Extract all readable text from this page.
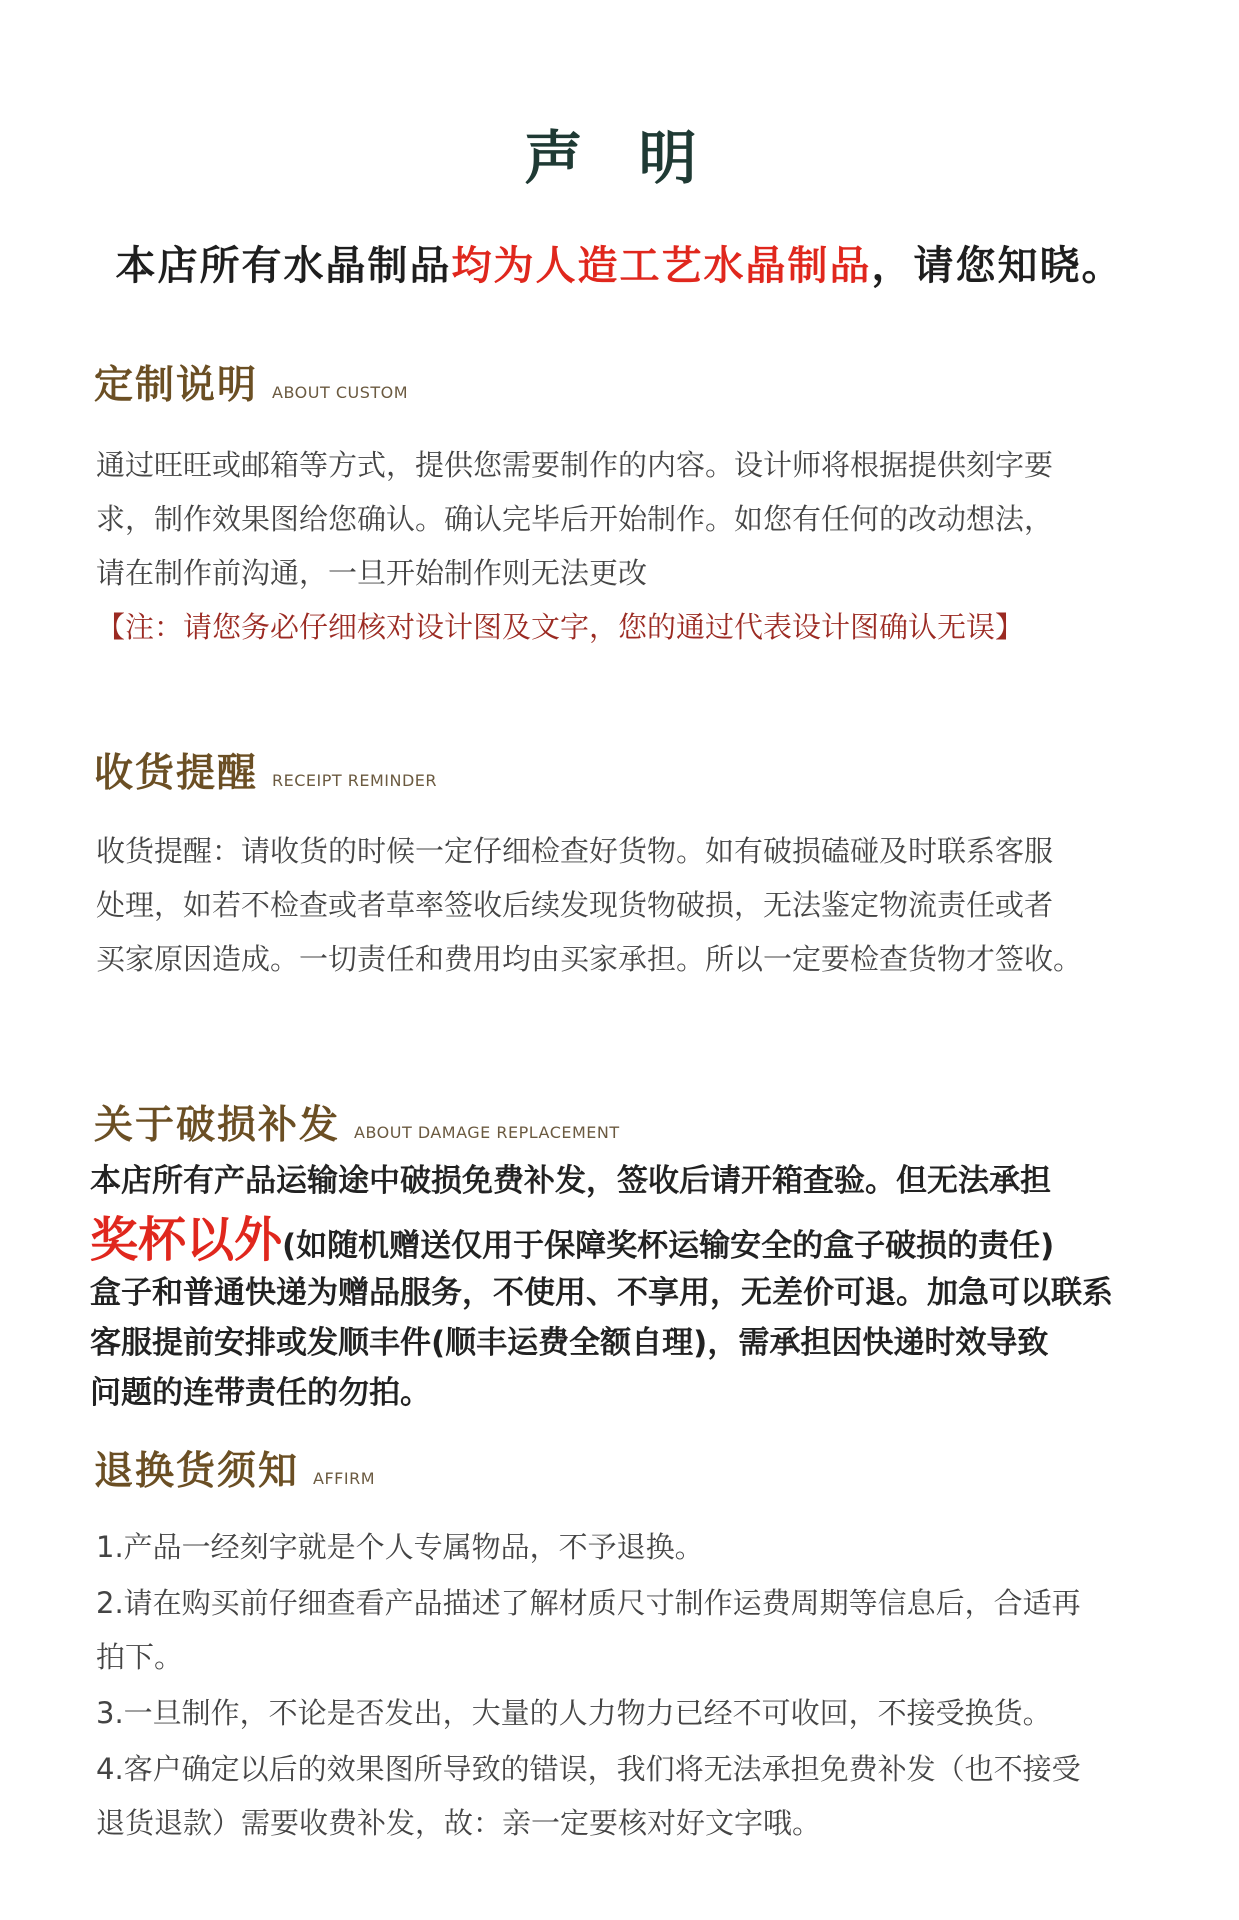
声 明
本店所有水晶制品均为人造工艺水晶制品，请您知晓。
定制说明 ABOUT CUSTOM
通过旺旺或邮箱等方式，提供您需要制作的内容。设计师将根据提供刻字要
求，制作效果图给您确认。确认完毕后开始制作。如您有任何的改动想法，
请在制作前沟通，一旦开始制作则无法更改
【注：请您务必仔细核对设计图及文字，您的通过代表设计图确认无误】
收货提醒 RECEIPT REMINDER
收货提醒：请收货的时候一定仔细检查好货物。如有破损磕碰及时联系客服
处理，如若不检查或者草率签收后续发现货物破损，无法鉴定物流责任或者
买家原因造成。一切责任和费用均由买家承担。所以一定要检查货物才签收。
关于破损补发 ABOUT DAMAGE REPLACEMENT
本店所有产品运输途中破损免费补发，签收后请开箱查验。但无法承担
奖杯以外(如随机赠送仅用于保障奖杯运输安全的盒子破损的责任)
盒子和普通快递为赠品服务，不使用、不享用，无差价可退。加急可以联系
客服提前安排或发顺丰件(顺丰运费全额自理)，需承担因快递时效导致
问题的连带责任的勿拍。
退换货须知 AFFIRM
1.产品一经刻字就是个人专属物品，不予退换。
2.请在购买前仔细查看产品描述了解材质尺寸制作运费周期等信息后，合适再
拍下。
3.一旦制作，不论是否发出，大量的人力物力已经不可收回，不接受换货。
4.客户确定以后的效果图所导致的错误，我们将无法承担免费补发（也不接受
退货退款）需要收费补发，故：亲一定要核对好文字哦。
